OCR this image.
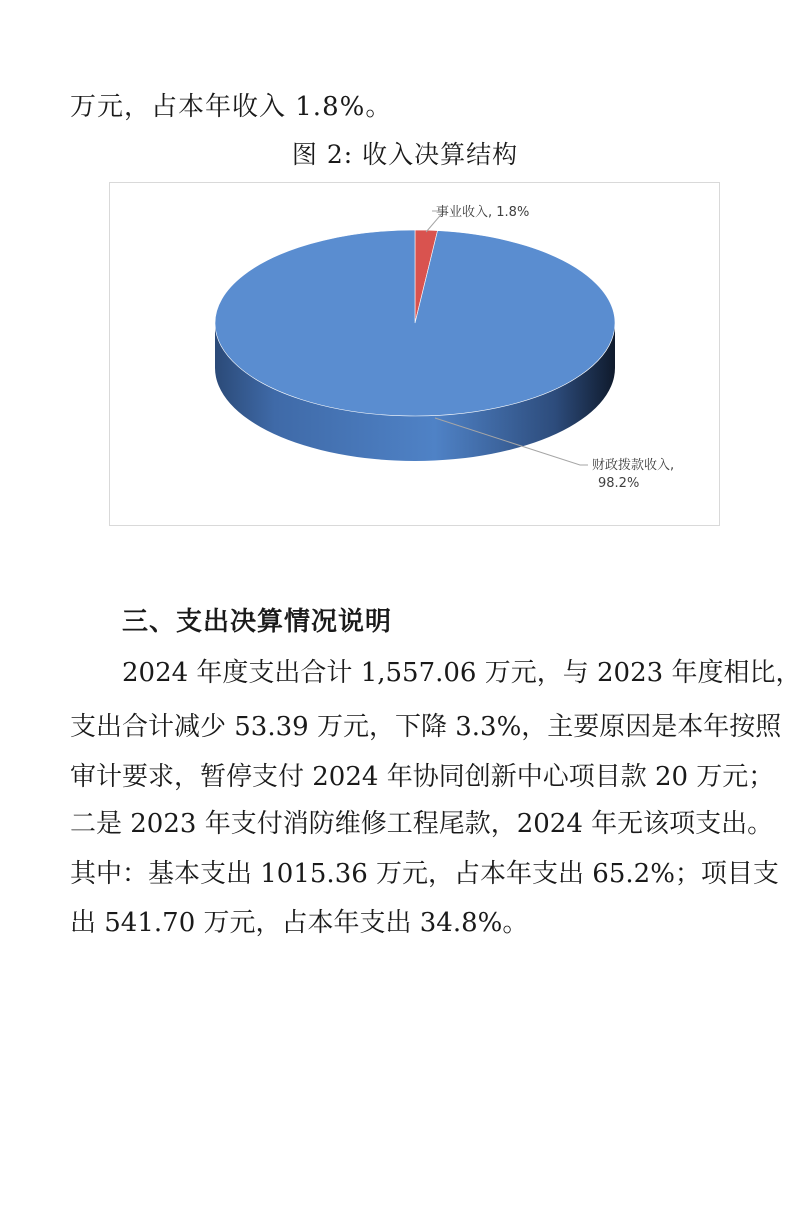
万元，占本年收入 1.8%。
图 2: 收入决算结构
事业收入, 1.8%
财政拨款收入,
98.2%
三、支出决算情况说明
2024 年度支出合计 1,557.06 万元，与 2023 年度相比，
支出合计减少 53.39 万元，下降 3.3%，主要原因是本年按照
审计要求，暂停支付 2024 年协同创新中心项目款 20 万元；
二是 2023 年支付消防维修工程尾款，2024 年无该项支出。
其中：基本支出 1015.36 万元，占本年支出 65.2%；项目支
出 541.70 万元，占本年支出 34.8%。
